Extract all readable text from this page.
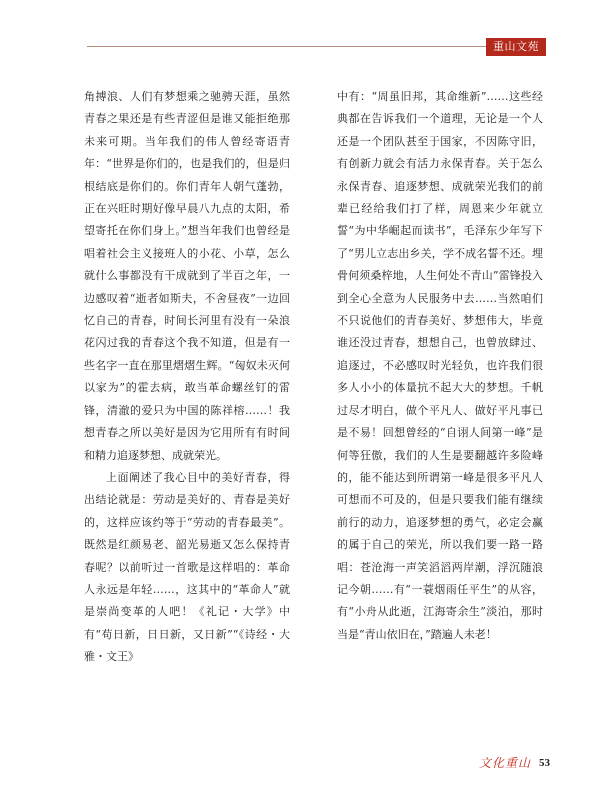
重山文苑

角搏浪、人们有梦想乘之驰骋天涯，虽然青春之果还是有些青涩但是谁又能拒绝那未来可期。当年我们的伟人曾经寄语青年：“世界是你们的，也是我们的，但是归根结底是你们的。你们青年人朝气蓬勃，正在兴旺时期好像早晨八九点的太阳，希望寄托在你们身上。”想当年我们也曾经是唱着社会主义接班人的小花、小草，怎么就什么事都没有干成就到了半百之年，一边感叹着“逝者如斯夫，不舍昼夜”一边回忆自己的青春，时间长河里有没有一朵浪花闪过我的青春这个我不知道，但是有一些名字一直在那里熠熠生辉。“匈奴未灭何以家为”的霍去病，敢当革命螺丝钉的雷锋，清澈的爱只为中国的陈祥榕……！我想青春之所以美好是因为它用所有有时间和精力追逐梦想、成就荣光。

上面阐述了我心目中的美好青春，得出结论就是：劳动是美好的、青春是美好的，这样应该约等于“劳动的青春最美”。既然是红颜易老、韶光易逝又怎么保持青春呢？以前听过一首歌是这样唱的：革命人永远是年轻……，这其中的“革命人”就是崇尚变革的人吧！《礼记・大学》中有“苟日新，日日新，又日新”“《诗经・大雅・文王》

中有：“周虽旧邦，其命维新”……这些经典都在告诉我们一个道理，无论是一个人还是一个团队甚至于国家，不因陈守旧，有创新力就会有活力永保青春。关于怎么永保青春、追逐梦想、成就荣光我们的前辈已经给我们打了样，周恩来少年就立誓“为中华崛起而读书”，毛泽东少年写下了“男儿立志出乡关，学不成名誓不还。埋骨何须桑梓地，人生何处不青山”雷锋投入到全心全意为人民服务中去……当然咱们不只说他们的青春美好、梦想伟大，毕竟谁还没过青春，想想自己，也曾放肆过、追逐过，不必感叹时光轻负，也许我们很多人小小的体量抗不起大大的梦想。千帆过尽才明白，做个平凡人、做好平凡事已是不易！回想曾经的“自诩人间第一峰”是何等狂傲，我们的人生是要翻越许多险峰的，能不能达到所谓第一峰是很多平凡人可想而不可及的，但是只要我们能有继续前行的动力，追逐梦想的勇气，必定会赢的属于自己的荣光，所以我们要一路一路唱：苍沧海一声笑滔滔两岸潮，浮沉随浪记今朝……有“一蓑烟雨任平生”的从容，有“小舟从此逝，江海寄余生”淡泊，那时当是“青山依旧在，”踏遍人未老！

文化重山 53
